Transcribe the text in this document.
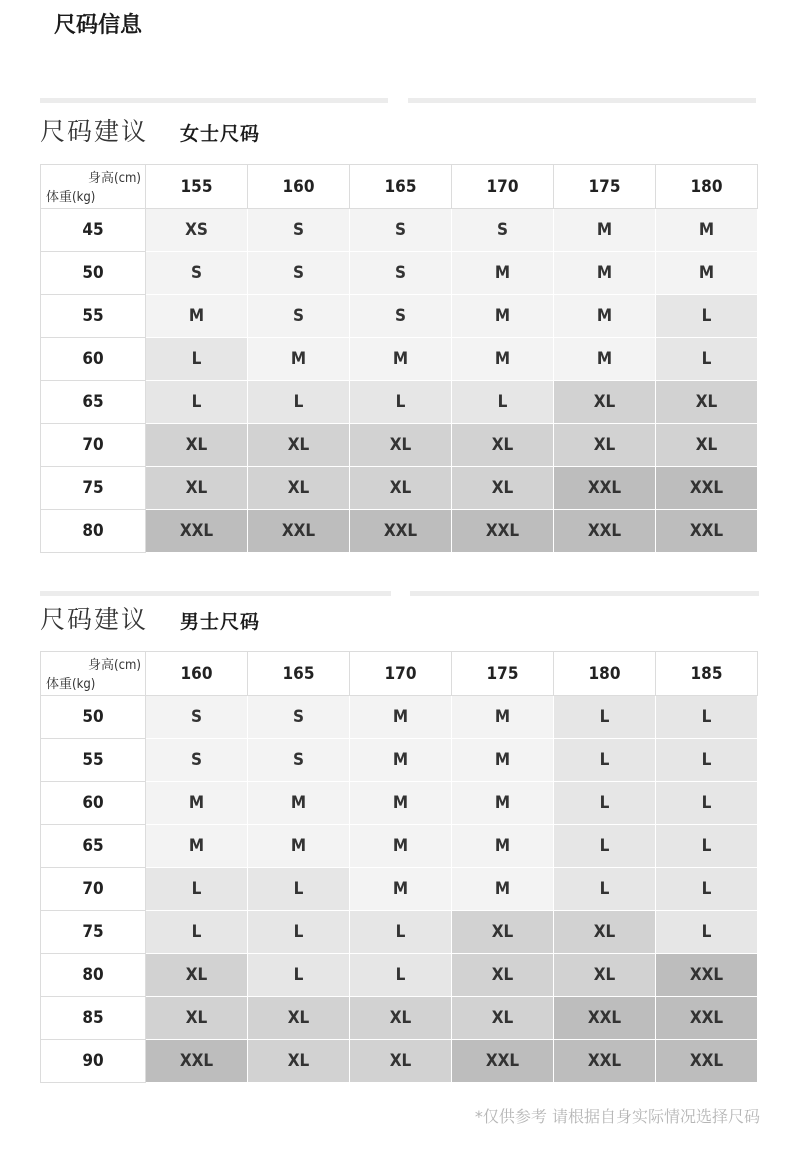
尺码信息
尺码建议 女士尺码
身高(cm)
体重(kg)	155	160	165	170	175	180
45	XS	S	S	S	M	M
50	S	S	S	M	M	M
55	M	S	S	M	M	L
60	L	M	M	M	M	L
65	L	L	L	L	XL	XL
70	XL	XL	XL	XL	XL	XL
75	XL	XL	XL	XL	XXL	XXL
80	XXL	XXL	XXL	XXL	XXL	XXL
尺码建议 男士尺码
身高(cm)
体重(kg)	160	165	170	175	180	185
50	S	S	M	M	L	L
55	S	S	M	M	L	L
60	M	M	M	M	L	L
65	M	M	M	M	L	L
70	L	L	M	M	L	L
75	L	L	L	XL	XL	L
80	XL	L	L	XL	XL	XXL
85	XL	XL	XL	XL	XXL	XXL
90	XXL	XL	XL	XXL	XXL	XXL
*仅供参考 请根据自身实际情况选择尺码
